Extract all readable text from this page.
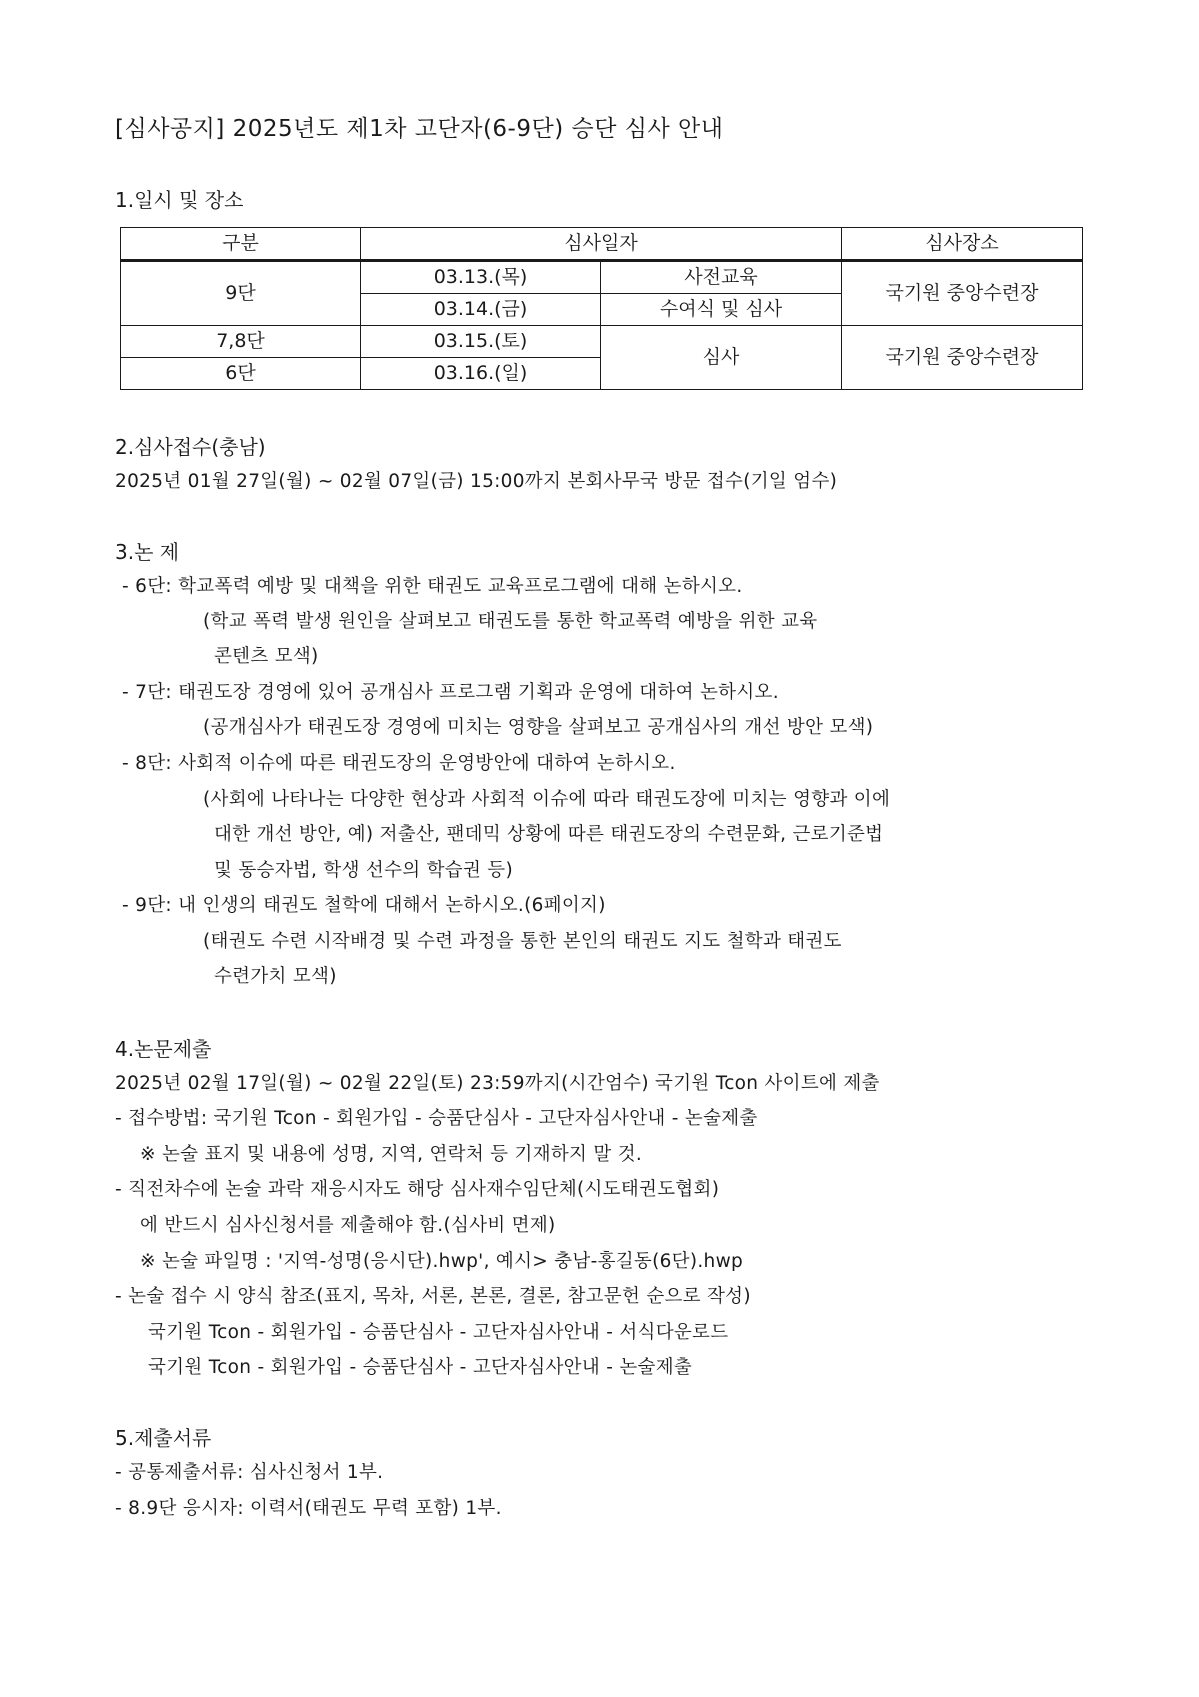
[심사공지] 2025년도 제1차 고단자(6-9단) 승단 심사 안내
1.일시 및 장소
구분	심사일자		심사장소
9단	03.13.(목)	사전교육	국기원 중앙수련장
	03.14.(금)	수여식 및 심사	
7,8단	03.15.(토)	심사	국기원 중앙수련장
6단	03.16.(일)		
2.심사접수(충남)
2025년 01월 27일(월) ~ 02월 07일(금) 15:00까지 본회사무국 방문 접수(기일 엄수)
3.논 제
- 6단: 학교폭력 예방 및 대책을 위한 태권도 교육프로그램에 대해 논하시오.
(학교 폭력 발생 원인을 살펴보고 태권도를 통한 학교폭력 예방을 위한 교육
콘텐츠 모색)
- 7단: 태권도장 경영에 있어 공개심사 프로그램 기획과 운영에 대하여 논하시오.
(공개심사가 태권도장 경영에 미치는 영향을 살펴보고 공개심사의 개선 방안 모색)
- 8단: 사회적 이슈에 따른 태권도장의 운영방안에 대하여 논하시오.
(사회에 나타나는 다양한 현상과 사회적 이슈에 따라 태권도장에 미치는 영향과 이에
대한 개선 방안, 예) 저출산, 팬데믹 상황에 따른 태권도장의 수련문화, 근로기준법
및 동승자법, 학생 선수의 학습권 등)
- 9단: 내 인생의 태권도 철학에 대해서 논하시오.(6페이지)
(태권도 수련 시작배경 및 수련 과정을 통한 본인의 태권도 지도 철학과 태권도
수련가치 모색)
4.논문제출
2025년 02월 17일(월) ~ 02월 22일(토) 23:59까지(시간엄수) 국기원 Tcon 사이트에 제출
- 접수방법: 국기원 Tcon - 회원가입 - 승품단심사 - 고단자심사안내 - 논술제출
※ 논술 표지 및 내용에 성명, 지역, 연락처 등 기재하지 말 것.
- 직전차수에 논술 과락 재응시자도 해당 심사재수임단체(시도태권도협회)
에 반드시 심사신청서를 제출해야 함.(심사비 면제)
※ 논술 파일명 : '지역-성명(응시단).hwp', 예시> 충남-홍길동(6단).hwp
- 논술 접수 시 양식 참조(표지, 목차, 서론, 본론, 결론, 참고문헌 순으로 작성)
국기원 Tcon - 회원가입 - 승품단심사 - 고단자심사안내 - 서식다운로드
국기원 Tcon - 회원가입 - 승품단심사 - 고단자심사안내 - 논술제출
5.제출서류
- 공통제출서류: 심사신청서 1부.
- 8.9단 응시자: 이력서(태권도 무력 포함) 1부.
